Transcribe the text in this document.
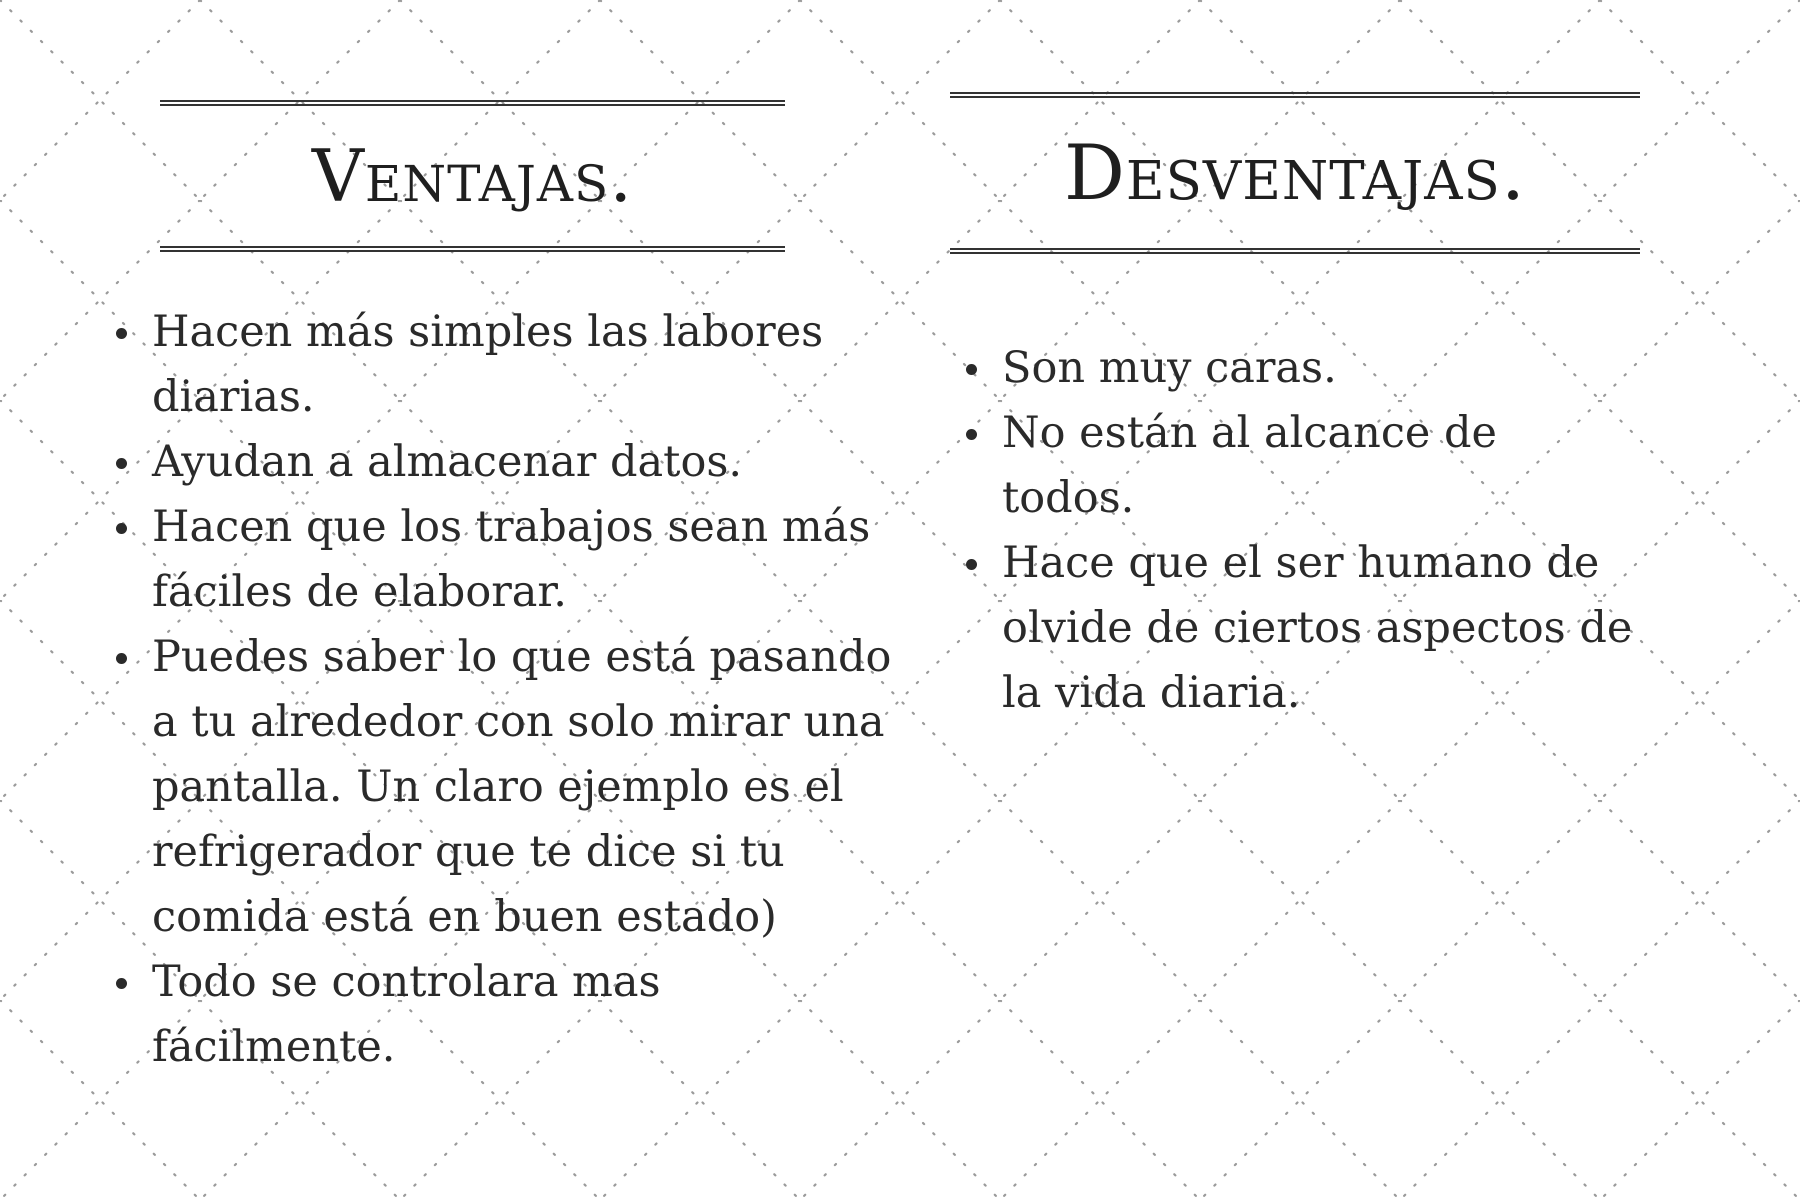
Ventajas.
Hacen más simples las labores diarias.
Ayudan a almacenar datos.
Hacen que los trabajos sean más fáciles de elaborar.
Puedes saber lo que está pasando a tu alrededor con solo mirar una pantalla. Un claro ejemplo es el refrigerador que te dice si tu comida está en buen estado)
Todo se controlara mas fácilmente.
Desventajas.
Son muy caras.
No están al alcance de todos.
Hace que el ser humano de olvide de ciertos aspectos de la vida diaria.
